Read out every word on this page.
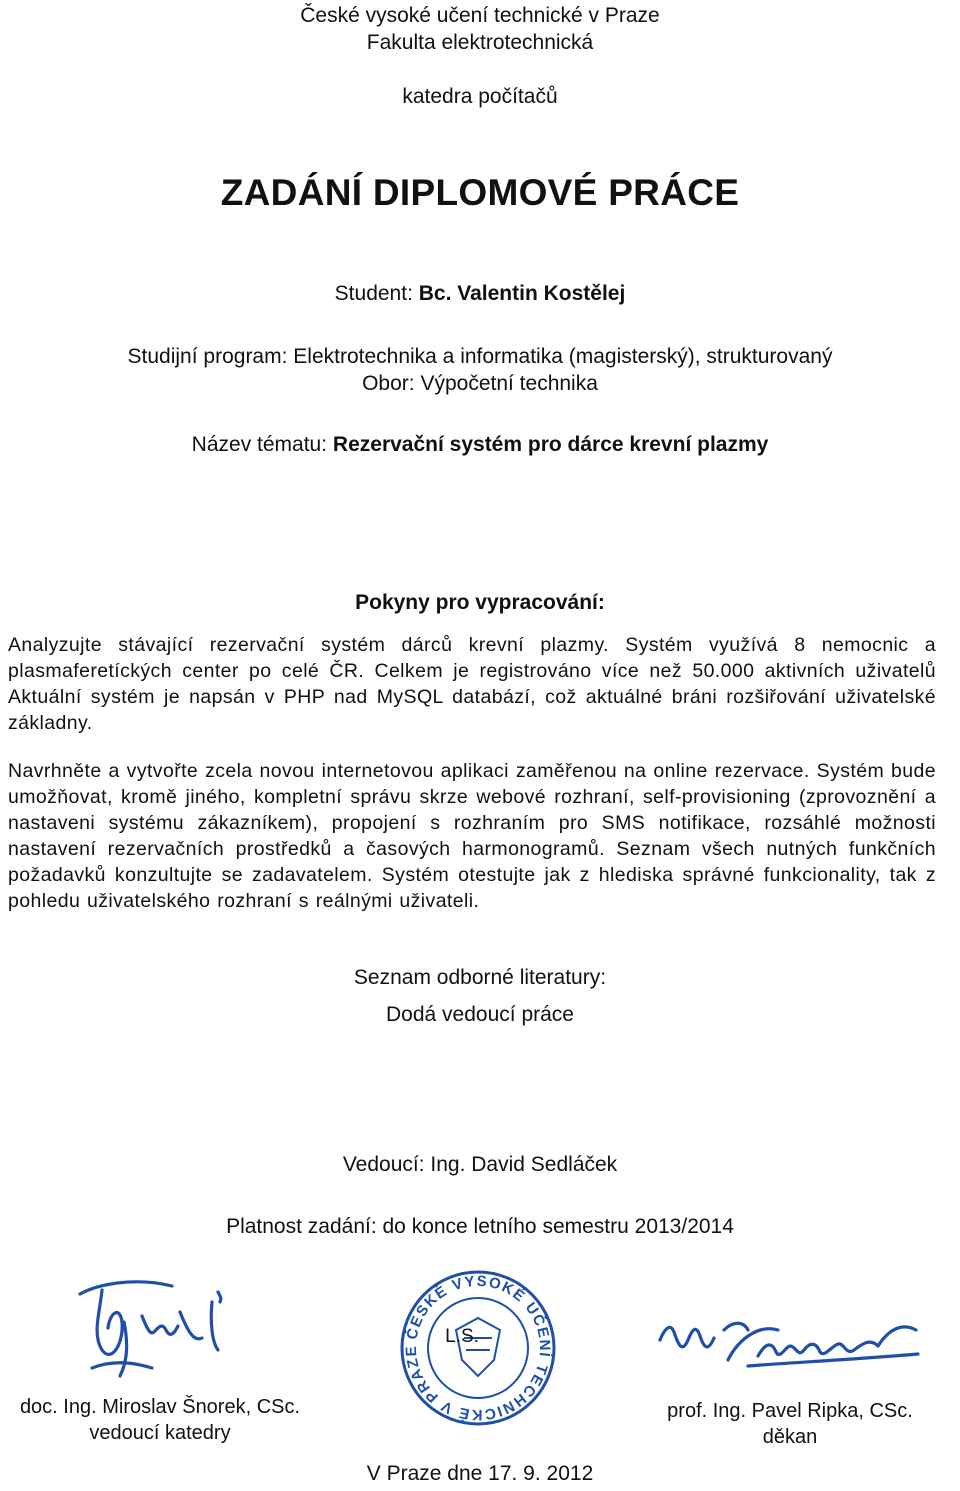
České vysoké učení technické v Praze
Fakulta elektrotechnická
katedra počítačů
ZADÁNÍ DIPLOMOVÉ PRÁCE
Student: Bc. Valentin Kostělej
Studijní program: Elektrotechnika a informatika (magisterský), strukturovaný
Obor: Výpočetní technika
Název tématu: Rezervační systém pro dárce krevní plazmy
Pokyny pro vypracování:
Analyzujte stávající rezervační systém dárců krevní plazmy. Systém využívá 8 nemocnic a plasmaferetíckých center po celé ČR. Celkem je registrováno více než 50.000 aktivních uživatelů Aktuální systém je napsán v PHP nad MySQL databází, což aktuálné bráni rozšiřování uživatelské základny.
Navrhněte a vytvořte zcela novou internetovou aplikaci zaměřenou na online rezervace. Systém bude umožňovat, kromě jiného, kompletní správu skrze webové rozhraní, self-provisioning (zprovoznění a nastaveni systému zákazníkem), propojení s rozhraním pro SMS notifikace, rozsáhlé možnosti nastavení rezervačních prostředků a časových harmonogramů. Seznam všech nutných funkčních požadavků konzultujte se zadavatelem. Systém otestujte jak z hlediska správné funkcionality, tak z pohledu uživatelského rozhraní s reálnými uživateli.
Seznam odborné literatury:
Dodá vedoucí práce
Vedoucí: Ing. David Sedláček
Platnost zadání: do konce letního semestru 2013/2014
ČESKÉ VYSOKÉ UČENÍ TECHNICKÉ V PRAZE
L.S.
doc. Ing. Miroslav Šnorek, CSc.
vedoucí katedry
prof. Ing. Pavel Ripka, CSc.
děkan
V Praze dne 17. 9. 2012
